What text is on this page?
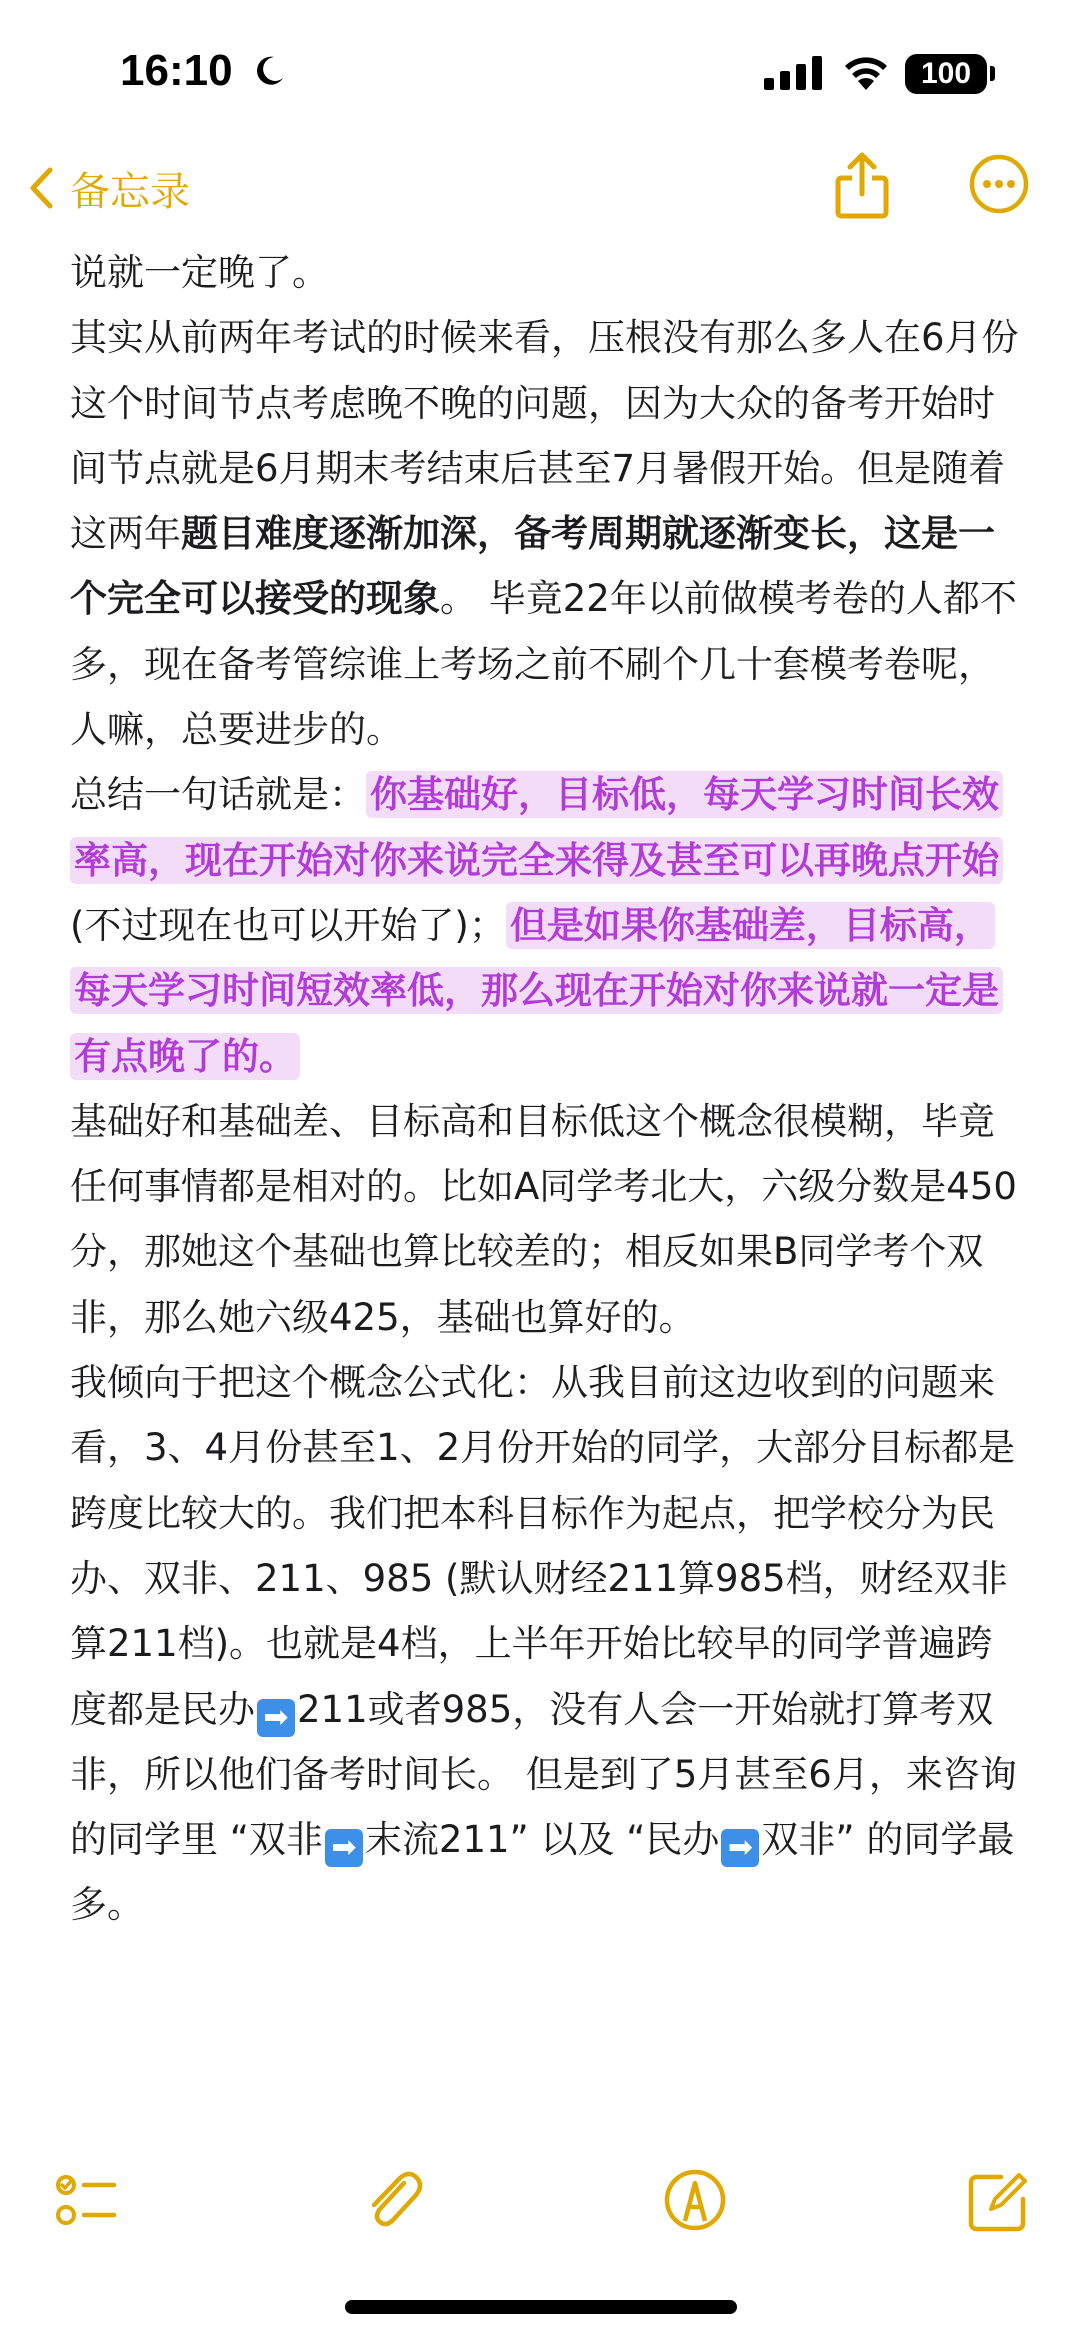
16:10	100
备忘录

说就一定晚了。

其实从前两年考试的时候来看，压根没有那么多人在6月份这个时间节点考虑晚不晚的问题，因为大众的备考开始时间节点就是6月期末考结束后甚至7月暑假开始。但是随着这两年题目难度逐渐加深，备考周期就逐渐变长，这是一个完全可以接受的现象。 毕竟22年以前做模考卷的人都不多，现在备考管综谁上考场之前不刷个几十套模考卷呢，人嘛，总要进步的。

总结一句话就是： 你基础好，目标低，每天学习时间长效率高，现在开始对你来说完全来得及甚至可以再晚点开始(不过现在也可以开始了)； 但是如果你基础差，目标高，每天学习时间短效率低，那么现在开始对你来说就一定是有点晚了的。

基础好和基础差、目标高和目标低这个概念很模糊，毕竟任何事情都是相对的。比如A同学考北大，六级分数是450分，那她这个基础也算比较差的；相反如果B同学考个双非，那么她六级425，基础也算好的。

我倾向于把这个概念公式化：从我目前这边收到的问题来看，3、4月份甚至1、2月份开始的同学，大部分目标都是跨度比较大的。我们把本科目标作为起点，把学校分为民办、双非、211、985 (默认财经211算985档，财经双非算211档)。也就是4档，上半年开始比较早的同学普遍跨度都是民办 ➡ 211或者985，没有人会一开始就打算考双非，所以他们备考时间长。 但是到了5月甚至6月，来咨询的同学里 “双非 ➡ 末流211” 以及 “民办 ➡ 双非” 的同学最多。
